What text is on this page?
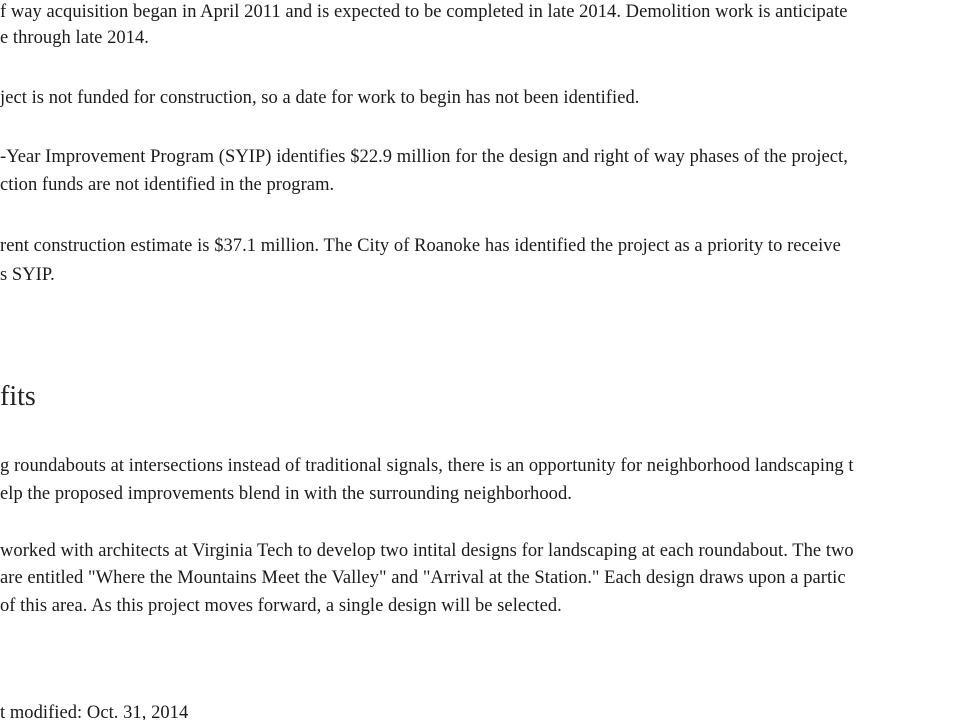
f way acquisition began in April 2011 and is expected to be completed in late 2014. Demolition work is anticipate
e through late 2014.
ject is not funded for construction, so a date for work to begin has not been identified.
-Year Improvement Program (SYIP) identifies $22.9 million for the design and right of way phases of the project,
ction funds are not identified in the program.
rent construction estimate is $37.1 million. The City of Roanoke has identified the project as a priority to receive
s SYIP.
fits
g roundabouts at intersections instead of traditional signals, there is an opportunity for neighborhood landscaping t
elp the proposed improvements blend in with the surrounding neighborhood.
worked with architects at Virginia Tech to develop two intital designs for landscaping at each roundabout. The two
are entitled "Where the Mountains Meet the Valley" and "Arrival at the Station." Each design draws upon a partic
of this area. As this project moves forward, a single design will be selected.
t modified: Oct. 31, 2014
